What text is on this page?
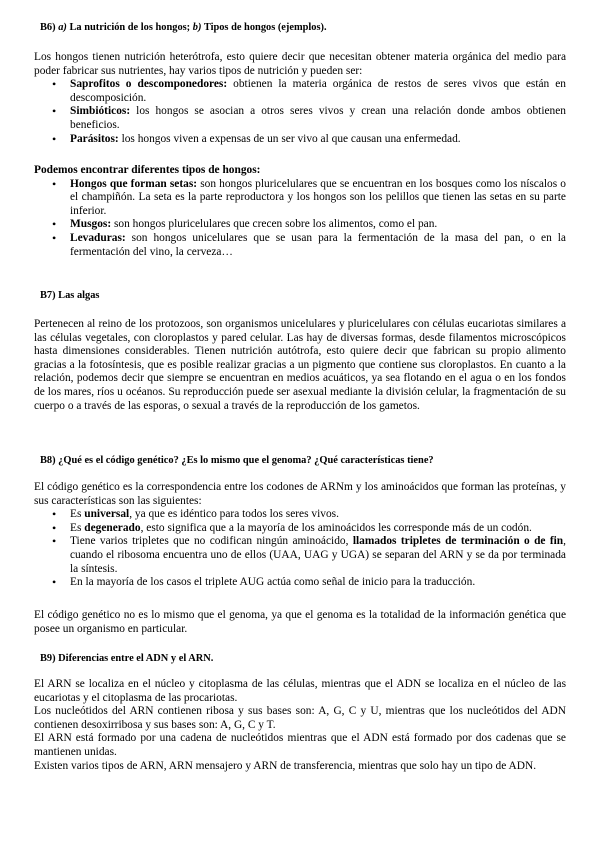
B6) a) La nutrición de los hongos; b) Tipos de hongos (ejemplos).

Los hongos tienen nutrición heterótrofa, esto quiere decir que necesitan obtener materia orgánica del medio para poder fabricar sus nutrientes, hay varios tipos de nutrición y pueden ser:

• Saprofitos o descomponedores: obtienen la materia orgánica de restos de seres vivos que están en descomposición.
• Simbióticos: los hongos se asocian a otros seres vivos y crean una relación donde ambos obtienen beneficios.
• Parásitos: los hongos viven a expensas de un ser vivo al que causan una enfermedad.

Podemos encontrar diferentes tipos de hongos:

• Hongos que forman setas: son hongos pluricelulares que se encuentran en los bosques como los níscalos o el champiñón. La seta es la parte reproductora y los hongos son los pelillos que tienen las setas en su parte inferior.
• Musgos: son hongos pluricelulares que crecen sobre los alimentos, como el pan.
• Levaduras: son hongos unicelulares que se usan para la fermentación de la masa del pan, o en la fermentación del vino, la cerveza…
B7) Las algas

Pertenecen al reino de los protozoos, son organismos unicelulares y pluricelulares con células eucariotas similares a las células vegetales, con cloroplastos y pared celular. Las hay de diversas formas, desde filamentos microscópicos hasta dimensiones considerables. Tienen nutrición autótrofa, esto quiere decir que fabrican su propio alimento gracias a la fotosíntesis, que es posible realizar gracias a un pigmento que contiene sus cloroplastos. En cuanto a la relación, podemos decir que siempre se encuentran en medios acuáticos, ya sea flotando en el agua o en los fondos de los mares, ríos u océanos. Su reproducción puede ser asexual mediante la división celular, la fragmentación de su cuerpo o a través de las esporas, o sexual a través de la reproducción de los gametos.

B8) ¿Qué es el código genético? ¿Es lo mismo que el genoma? ¿Qué características tiene?

El código genético es la correspondencia entre los codones de ARNm y los aminoácidos que forman las proteínas, y sus características son las siguientes:

• Es universal, ya que es idéntico para todos los seres vivos.
• Es degenerado, esto significa que a la mayoría de los aminoácidos les corresponde más de un codón.
• Tiene varios tripletes que no codifican ningún aminoácido, llamados tripletes de terminación o de fin, cuando el ribosoma encuentra uno de ellos (UAA, UAG y UGA) se separan del ARN y se da por terminada la síntesis.
• En la mayoría de los casos el triplete AUG actúa como señal de inicio para la traducción.

El código genético no es lo mismo que el genoma, ya que el genoma es la totalidad de la información genética que posee un organismo en particular.

B9) Diferencias entre el ADN y el ARN.

El ARN se localiza en el núcleo y citoplasma de las células, mientras que el ADN se localiza en el núcleo de las eucariotas y el citoplasma de las procariotas.

Los nucleótidos del ARN contienen ribosa y sus bases son: A, G, C y U, mientras que los nucleótidos del ADN contienen desoxirribosa y sus bases son: A, G, C y T.

El ARN está formado por una cadena de nucleótidos mientras que el ADN está formado por dos cadenas que se mantienen unidas.

Existen varios tipos de ARN, ARN mensajero y ARN de transferencia, mientras que solo hay un tipo de ADN.
